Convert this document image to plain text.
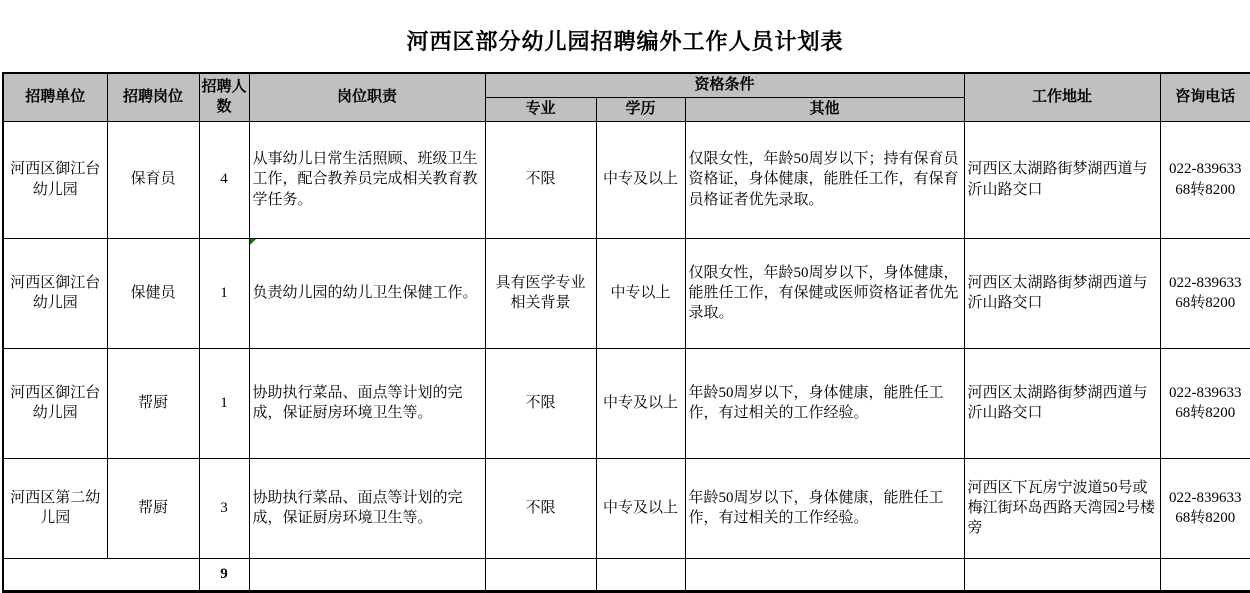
河西区部分幼儿园招聘编外工作人员计划表
招聘单位	招聘岗位	招聘人数	岗位职责	资格条件			工作地址	咨询电话
				专业	学历	其他		
河西区御江台幼儿园	保育员	4	从事幼儿日常生活照顾、班级卫生工作，配合教养员完成相关教育教学任务。	不限	中专及以上	仅限女性，年龄50周岁以下；持有保育员资格证，身体健康，能胜任工作，有保育员格证者优先录取。	河西区太湖路街梦湖西道与沂山路交口	022-83963368转8200
河西区御江台幼儿园	保健员	1	负责幼儿园的幼儿卫生保健工作。	具有医学专业相关背景	中专以上	仅限女性，年龄50周岁以下，身体健康，能胜任工作，有保健或医师资格证者优先录取。	河西区太湖路街梦湖西道与沂山路交口	022-83963368转8200
河西区御江台幼儿园	帮厨	1	协助执行菜品、面点等计划的完成，保证厨房环境卫生等。	不限	中专及以上	年龄50周岁以下，身体健康，能胜任工作，有过相关的工作经验。	河西区太湖路街梦湖西道与沂山路交口	022-83963368转8200
河西区第二幼儿园	帮厨	3	协助执行菜品、面点等计划的完成，保证厨房环境卫生等。	不限	中专及以上	年龄50周岁以下，身体健康，能胜任工作，有过相关的工作经验。	河西区下瓦房宁波道50号或梅江街环岛西路天湾园2号楼旁	022-83963368转8200
		9						
